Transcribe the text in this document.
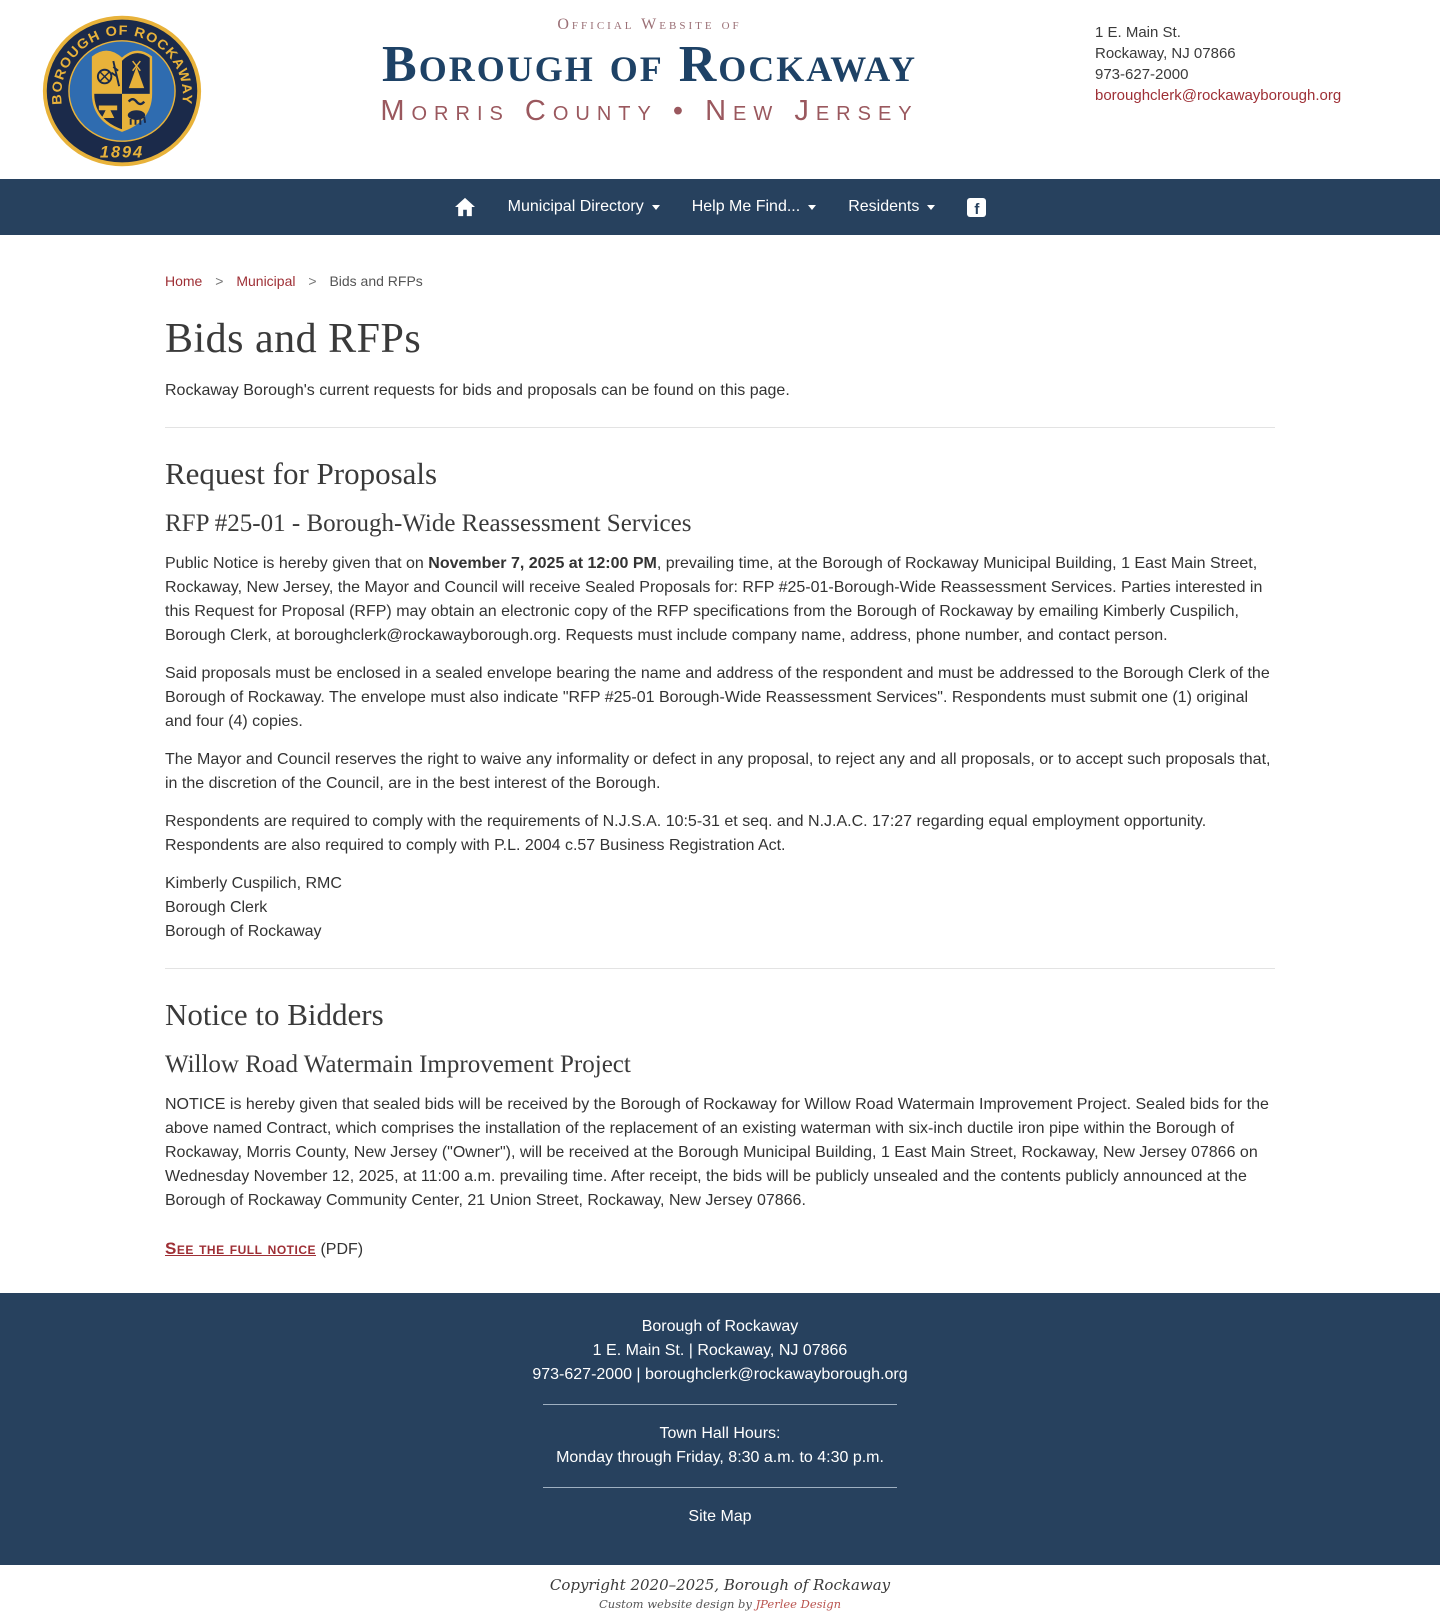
BOROUGH OF ROCKAWAY
1894
Official Website of
Borough of Rockaway
Morris County • New Jersey
1 E. Main St.
Rockaway, NJ 07866
973-627-2000
boroughclerk@rockawayborough.org
Municipal Directory	Help Me Find...	Residents	f
Home > Municipal > Bids and RFPs
Bids and RFPs

Rockaway Borough's current requests for bids and proposals can be found on this page.

Request for Proposals
RFP #25-01 - Borough-Wide Reassessment Services

Public Notice is hereby given that on November 7, 2025 at 12:00 PM, prevailing time, at the Borough of Rockaway Municipal Building, 1 East Main Street, Rockaway, New Jersey, the Mayor and Council will receive Sealed Proposals for: RFP #25-01-Borough-Wide Reassessment Services. Parties interested in this Request for Proposal (RFP) may obtain an electronic copy of the RFP specifications from the Borough of Rockaway by emailing Kimberly Cuspilich, Borough Clerk, at boroughclerk@rockawayborough.org. Requests must include company name, address, phone number, and contact person.

Said proposals must be enclosed in a sealed envelope bearing the name and address of the respondent and must be addressed to the Borough Clerk of the Borough of Rockaway. The envelope must also indicate "RFP #25-01 Borough-Wide Reassessment Services". Respondents must submit one (1) original and four (4) copies.

The Mayor and Council reserves the right to waive any informality or defect in any proposal, to reject any and all proposals, or to accept such proposals that, in the discretion of the Council, are in the best interest of the Borough.

Respondents are required to comply with the requirements of N.J.S.A. 10:5-31 et seq. and N.J.A.C. 17:27 regarding equal employment opportunity. Respondents are also required to comply with P.L. 2004 c.57 Business Registration Act.

Kimberly Cuspilich, RMC
Borough Clerk
Borough of Rockaway

Notice to Bidders
Willow Road Watermain Improvement Project

NOTICE is hereby given that sealed bids will be received by the Borough of Rockaway for Willow Road Watermain Improvement Project. Sealed bids for the above named Contract, which comprises the installation of the replacement of an existing waterman with six-inch ductile iron pipe within the Borough of Rockaway, Morris County, New Jersey ("Owner"), will be received at the Borough Municipal Building, 1 East Main Street, Rockaway, New Jersey 07866 on Wednesday November 12, 2025, at 11:00 a.m. prevailing time. After receipt, the bids will be publicly unsealed and the contents publicly announced at the Borough of Rockaway Community Center, 21 Union Street, Rockaway, New Jersey 07866.

See the full notice (PDF)

Borough of Rockaway
1 E. Main St. | Rockaway, NJ 07866
973-627-2000 | boroughclerk@rockawayborough.org
Town Hall Hours:
Monday through Friday, 8:30 a.m. to 4:30 p.m.
Site Map
Copyright 2020–2025, Borough of Rockaway
Custom website design by JPerlee Design
